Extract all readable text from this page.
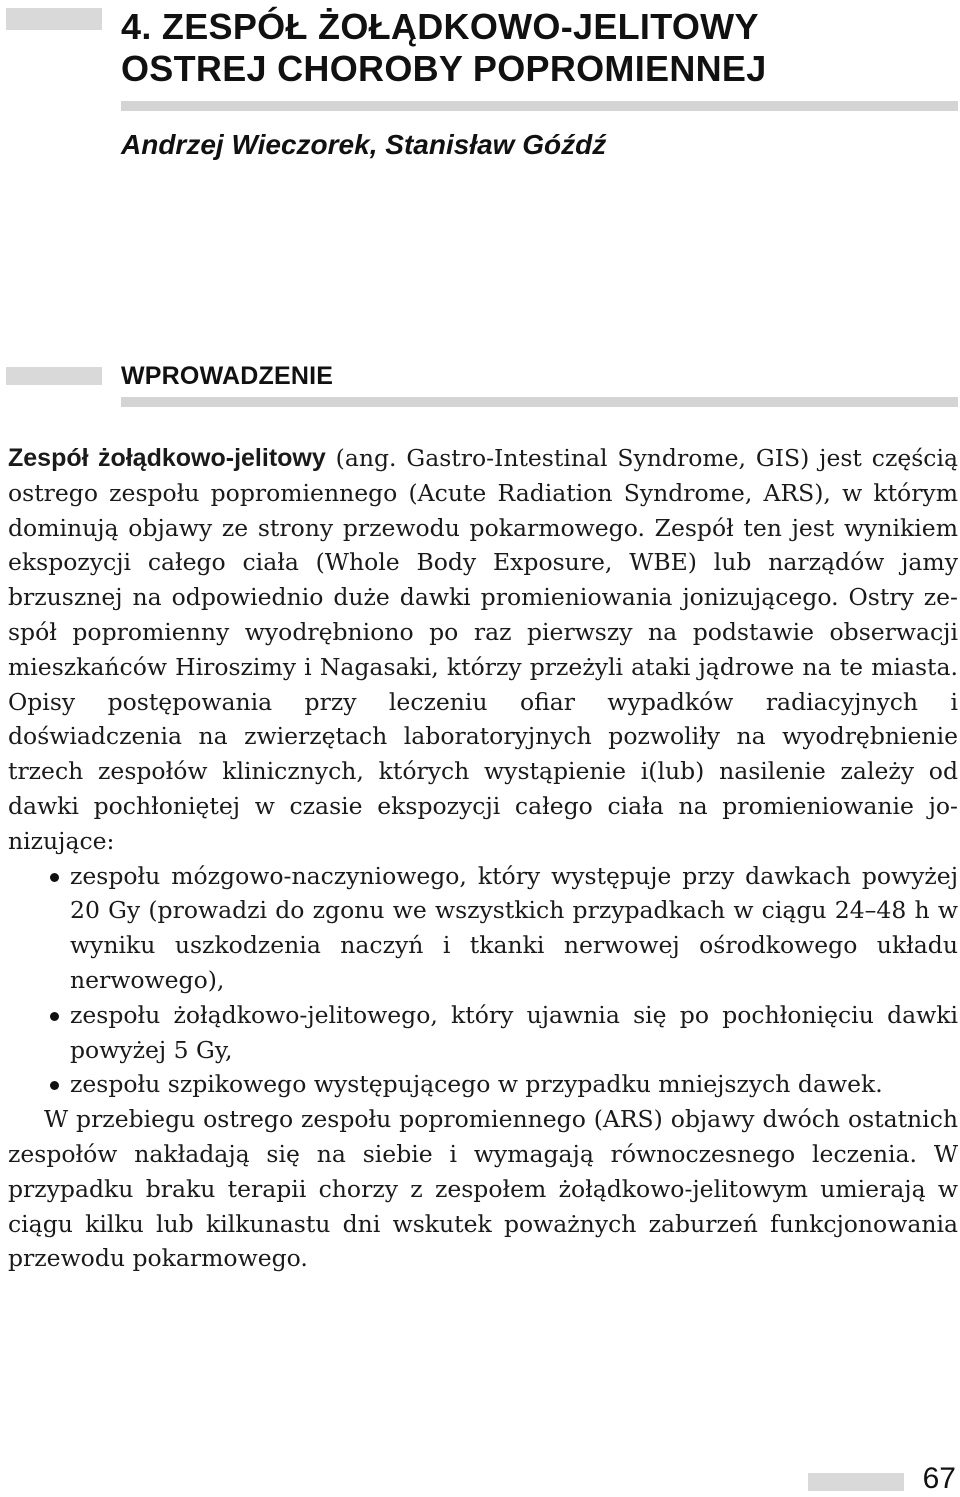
4. ZESPÓŁ ŻOŁĄDKOWO-JELITOWY
OSTREJ CHOROBY POPROMIENNEJ

Andrzej Wieczorek, Stanisław Góźdź

WPROWADZENIE

Zespół żołądkowo-jelitowy (ang. Gastro-Intestinal Syndrome, GIS) jest częścią ostrego zespołu popromiennego (Acute Radiation Syndrome, ARS), w którym dominują objawy ze strony przewodu pokarmowego. Zespół ten jest wynikiem ekspozycji całego ciała (Whole Body Exposure, WBE) lub narządów jamy brzusznej na odpowiednio duże dawki promieniowania jonizującego. Ostry zespół popromienny wyodrębniono po raz pierwszy na podstawie obserwacji mieszkańców Hiroszimy i Nagasaki, którzy przeżyli ataki jądrowe na te miasta. Opisy postępowania przy leczeniu ofiar wypadków radiacyjnych i doświadczenia na zwierzętach laboratoryjnych pozwoliły na wyodrębnienie trzech zespołów klinicznych, których wystąpienie i(lub) nasilenie zależy od dawki pochłoniętej w czasie ekspozycji całego ciała na promieniowanie jonizujące:

zespołu mózgowo-naczyniowego, który występuje przy dawkach powyżej 20 Gy (prowadzi do zgonu we wszystkich przypadkach w ciągu 24–48 h w wyniku uszkodzenia naczyń i tkanki nerwowej ośrodkowego układu nerwowego),
zespołu żołądkowo-jelitowego, który ujawnia się po pochłonięciu dawki powyżej 5 Gy,
zespołu szpikowego występującego w przypadku mniejszych dawek.

W przebiegu ostrego zespołu popromiennego (ARS) objawy dwóch ostatnich zespołów nakładają się na siebie i wymagają równoczesnego leczenia. W przypadku braku terapii chorzy z zespołem żołądkowo-jelitowym umierają w ciągu kilku lub kilkunastu dni wskutek poważnych zaburzeń funkcjonowania przewodu pokarmowego.

67
